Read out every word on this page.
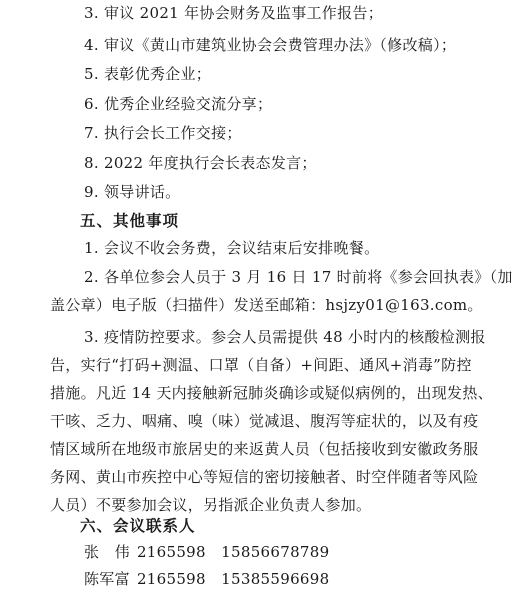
3. 审议 2021 年协会财务及监事工作报告；
4. 审议《黄山市建筑业协会会费管理办法》（修改稿）；
5. 表彰优秀企业；
6. 优秀企业经验交流分享；
7. 执行会长工作交接；
8. 2022 年度执行会长表态发言；
9. 领导讲话。
五、其他事项
1. 会议不收会务费，会议结束后安排晚餐。
2. 各单位参会人员于 3 月 16 日 17 时前将《参会回执表》（加
盖公章）电子版（扫描件）发送至邮箱：hsjzy01@163.com。
3. 疫情防控要求。参会人员需提供 48 小时内的核酸检测报
告，实行“打码+测温、口罩（自备）+间距、通风+消毒”防控
措施。凡近 14 天内接触新冠肺炎确诊或疑似病例的，出现发热、
干咳、乏力、咽痛、嗅（味）觉减退、腹泻等症状的，以及有疫
情区域所在地级市旅居史的来返黄人员（包括接收到安徽政务服
务网、黄山市疾控中心等短信的密切接触者、时空伴随者等风险
人员）不要参加会议，另指派企业负责人参加。
六、会议联系人
张　伟 2165598　15856678789
陈军富 2165598　15385596698
